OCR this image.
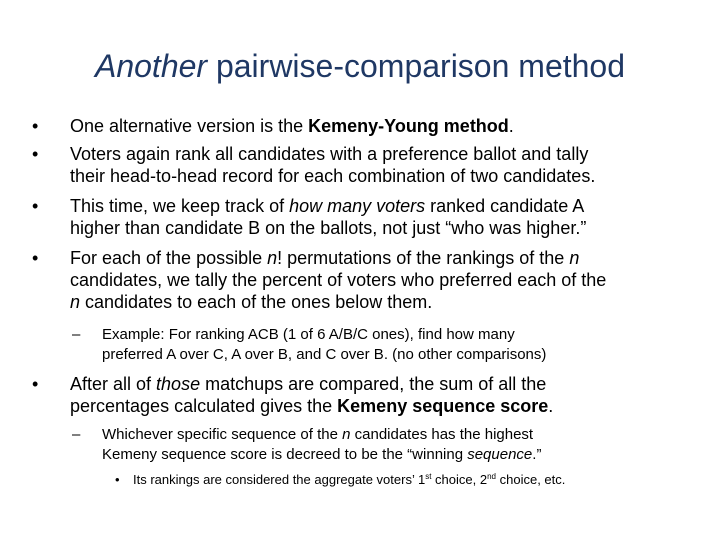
Another pairwise-comparison method
• One alternative version is the Kemeny-Young method.
• Voters again rank all candidates with a preference ballot and tally
their head-to-head record for each combination of two candidates.
• This time, we keep track of how many voters ranked candidate A
higher than candidate B on the ballots, not just “who was higher.”
• For each of the possible n! permutations of the rankings of the n
candidates, we tally the percent of voters who preferred each of the
n candidates to each of the ones below them.
– Example: For ranking ACB (1 of 6 A/B/C ones), find how many
preferred A over C, A over B, and C over B. (no other comparisons)
• After all of those matchups are compared, the sum of all the
percentages calculated gives the Kemeny sequence score.
– Whichever specific sequence of the n candidates has the highest
Kemeny sequence score is decreed to be the “winning sequence.”
• Its rankings are considered the aggregate voters’ 1st choice, 2nd choice, etc.
